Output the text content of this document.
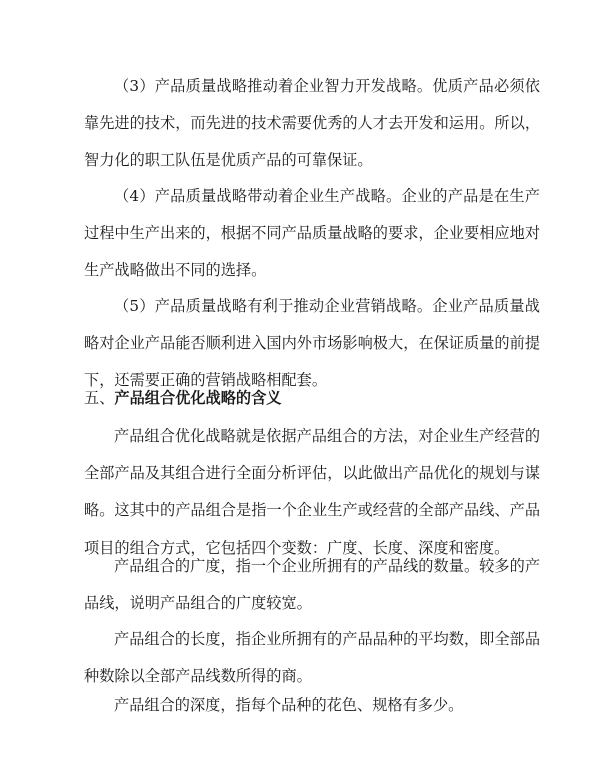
（3）产品质量战略推动着企业智力开发战略。优质产品必须依靠先进的技术，而先进的技术需要优秀的人才去开发和运用。所以，智力化的职工队伍是优质产品的可靠保证。

（4）产品质量战略带动着企业生产战略。企业的产品是在生产过程中生产出来的，根据不同产品质量战略的要求，企业要相应地对生产战略做出不同的选择。

（5）产品质量战略有利于推动企业营销战略。企业产品质量战略对企业产品能否顺利进入国内外市场影响极大，在保证质量的前提下，还需要正确的营销战略相配套。

五、产品组合优化战略的含义

产品组合优化战略就是依据产品组合的方法，对企业生产经营的全部产品及其组合进行全面分析评估，以此做出产品优化的规划与谋略。这其中的产品组合是指一个企业生产或经营的全部产品线、产品项目的组合方式，它包括四个变数：广度、长度、深度和密度。

产品组合的广度，指一个企业所拥有的产品线的数量。较多的产品线，说明产品组合的广度较宽。

产品组合的长度，指企业所拥有的产品品种的平均数，即全部品种数除以全部产品线数所得的商。

产品组合的深度，指每个品种的花色、规格有多少。
